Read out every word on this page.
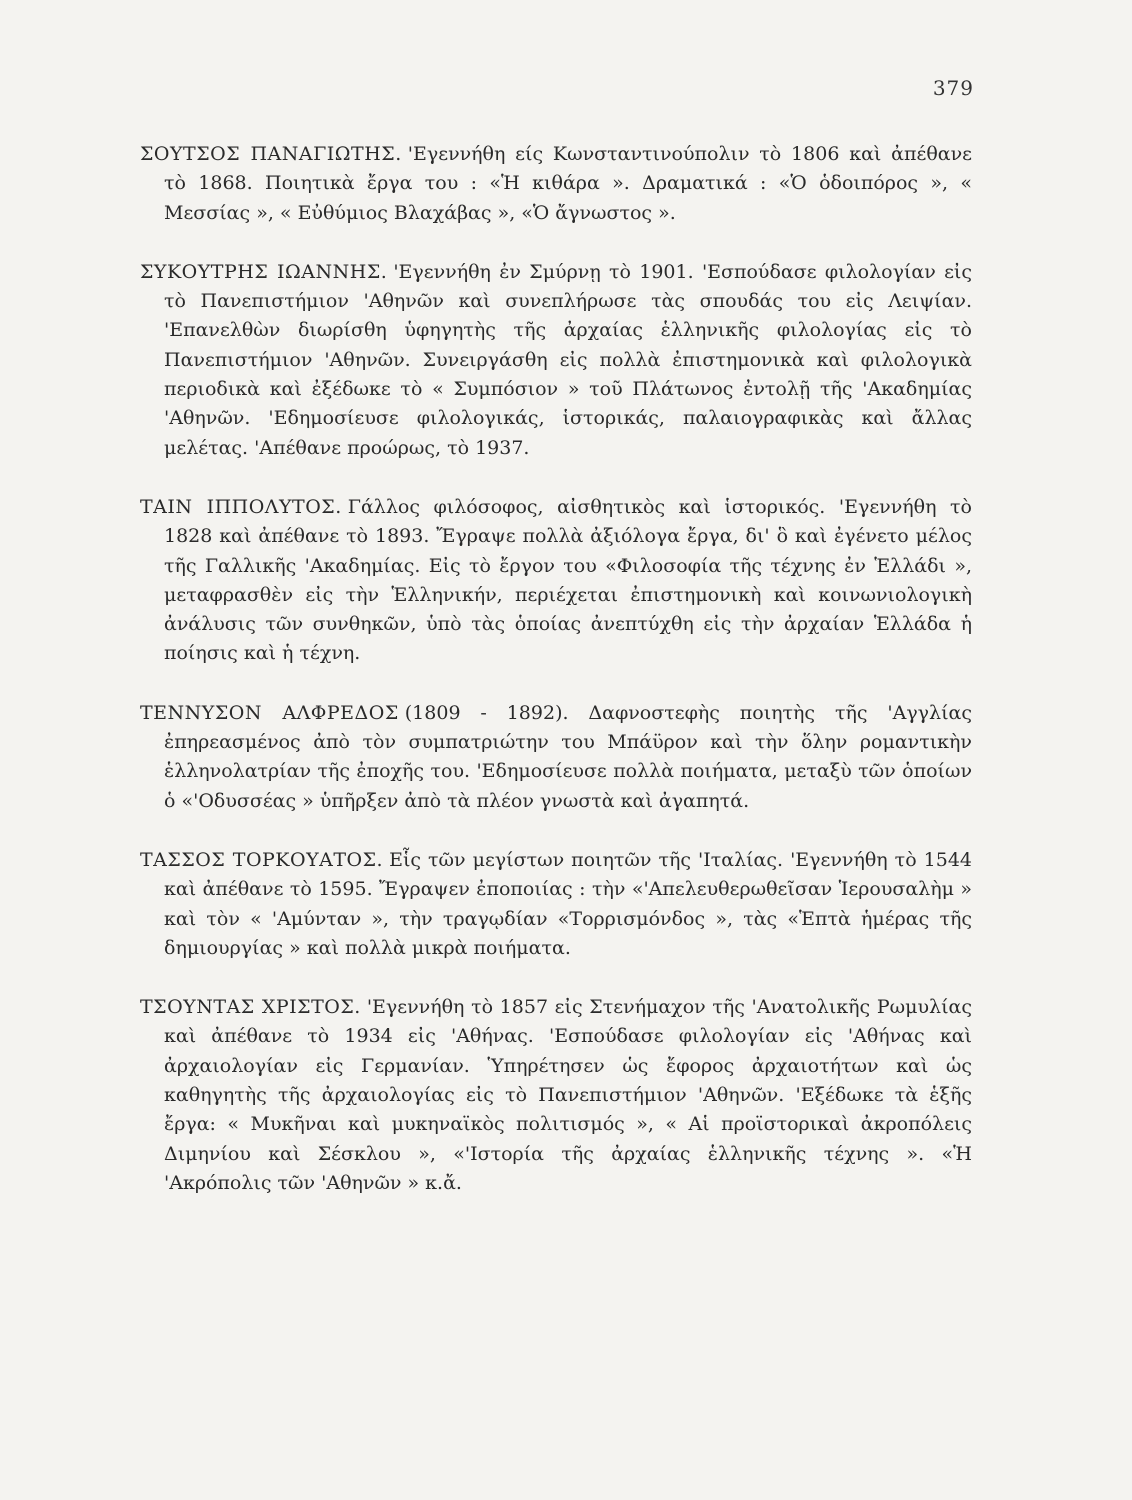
379

ΣΟΥΤΣΟΣ ΠΑΝΑΓΙΩΤΗΣ. 'Εγεννήθη είς Κωνσταντινούπολιν τὸ 1806 καὶ ἀπέθανε τὸ 1868. Ποιητικὰ ἔργα του : «Ἡ κιθάρα ». Δραματικά : «Ὁ ὁδοιπόρος », « Μεσσίας », « Εὐθύμιος Βλαχάβας », «Ὁ ἄγνωστος ».

ΣΥΚΟΥΤΡΗΣ ΙΩΑΝΝΗΣ. 'Εγεννήθη ἐν Σμύρνῃ τὸ 1901. 'Εσπούδασε φιλολογίαν εἰς τὸ Πανεπιστήμιον 'Αθηνῶν καὶ συνεπλήρωσε τὰς σπουδάς του εἰς Λειψίαν. 'Επανελθὼν διωρίσθη ὑφηγητὴς τῆς ἀρχαίας ἑλληνικῆς φιλολογίας εἰς τὸ Πανεπιστήμιον 'Αθηνῶν. Συνειργάσθη εἰς πολλὰ ἐπιστημονικὰ καὶ φιλολογικὰ περιοδικὰ καὶ ἐξέδωκε τὸ « Συμπόσιον » τοῦ Πλάτωνος ἐντολῇ τῆς 'Ακαδημίας 'Αθηνῶν. 'Εδημοσίευσε φιλολογικάς, ἱστορικάς, παλαιογραφικὰς καὶ ἄλλας μελέτας. 'Απέθανε προώρως, τὸ 1937.

ΤΑΙΝ ΙΠΠΟΛΥΤΟΣ. Γάλλος φιλόσοφος, αἰσθητικὸς καὶ ἱστορικός. 'Εγεννήθη τὸ 1828 καὶ ἀπέθανε τὸ 1893. Ἔγραψε πολλὰ ἀξιόλογα ἔργα, δι' ὃ καὶ ἐγένετο μέλος τῆς Γαλλικῆς 'Ακαδημίας. Εἰς τὸ ἔργον του «Φιλοσοφία τῆς τέχνης ἐν Ἑλλάδι », μεταφρασθὲν εἰς τὴν Ἑλληνικήν, περιέχεται ἐπιστημονικὴ καὶ κοινωνιολογικὴ ἀνάλυσις τῶν συνθηκῶν, ὑπὸ τὰς ὁποίας ἀνεπτύχθη εἰς τὴν ἀρχαίαν Ἑλλάδα ἡ ποίησις καὶ ἡ τέχνη.

ΤΕΝΝΥΣΟΝ ΑΛΦΡΕΔΟΣ (1809 - 1892). Δαφνοστεφὴς ποιητὴς τῆς 'Αγγλίας ἐπηρεασμένος ἀπὸ τὸν συμπατριώτην του Μπάϋρον καὶ τὴν ὅλην ρομαντικὴν ἑλληνολατρίαν τῆς ἐποχῆς του. 'Εδημοσίευσε πολλὰ ποιήματα, μεταξὺ τῶν ὁποίων ὁ «'Οδυσσέας » ὑπῆρξεν ἀπὸ τὰ πλέον γνωστὰ καὶ ἀγαπητά.

ΤΑΣΣΟΣ ΤΟΡΚΟΥΑΤΟΣ. Εἷς τῶν μεγίστων ποιητῶν τῆς 'Ιταλίας. 'Εγεννήθη τὸ 1544 καὶ ἀπέθανε τὸ 1595. Ἔγραψεν ἐποποιίας : τὴν «'Απελευθερωθεῖσαν Ἱερουσαλὴμ » καὶ τὸν « 'Αμύνταν », τὴν τραγῳδίαν «Τορρισμόνδος », τὰς «Ἑπτὰ ἡμέρας τῆς δημιουργίας » καὶ πολλὰ μικρὰ ποιήματα.

ΤΣΟΥΝΤΑΣ ΧΡΙΣΤΟΣ. 'Εγεννήθη τὸ 1857 εἰς Στενήμαχον τῆς 'Ανατολικῆς Ρωμυλίας καὶ ἀπέθανε τὸ 1934 εἰς 'Αθήνας. 'Εσπούδασε φιλολογίαν εἰς 'Αθήνας καὶ ἀρχαιολογίαν εἰς Γερμανίαν. Ὑπηρέτησεν ὡς ἔφορος ἀρχαιοτήτων καὶ ὡς καθηγητὴς τῆς ἀρχαιολογίας εἰς τὸ Πανεπιστήμιον 'Αθηνῶν. 'Εξέδωκε τὰ ἑξῆς ἔργα: « Μυκῆναι καὶ μυκηναϊκὸς πολιτισμός », « Αἱ προϊστορικαὶ ἀκροπόλεις Διμηνίου καὶ Σέσκλου », «'Ιστορία τῆς ἀρχαίας ἑλληνικῆς τέχνης ». «Ἡ 'Ακρόπολις τῶν 'Αθηνῶν » κ.ἄ.
